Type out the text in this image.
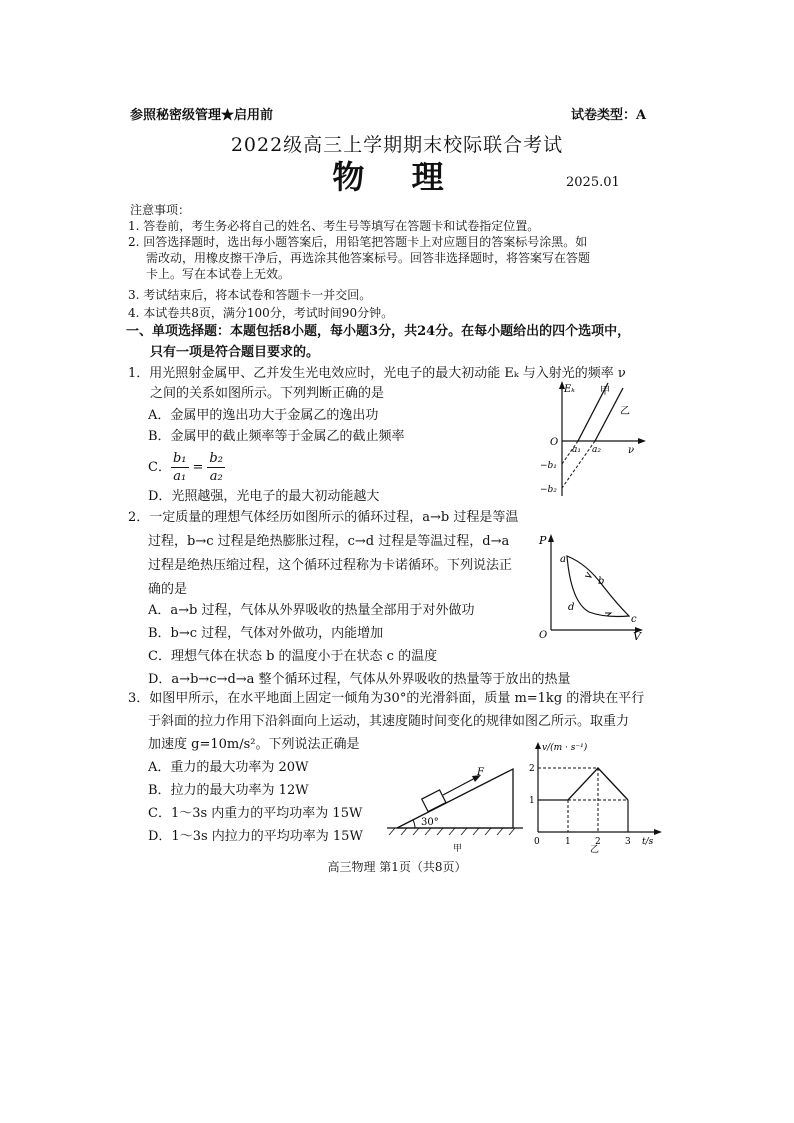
参照秘密级管理★启用前	试卷类型：A
2022级高三上学期期末校际联合考试
物 理	2025.01
注意事项：
1. 答卷前，考生务必将自己的姓名、考生号等填写在答题卡和试卷指定位置。
2. 回答选择题时，选出每小题答案后，用铅笔把答题卡上对应题目的答案标号涂黑。如
需改动，用橡皮擦干净后，再选涂其他答案标号。回答非选择题时，将答案写在答题
卡上。写在本试卷上无效。
3. 考试结束后，将本试卷和答题卡一并交回。
4. 本试卷共8页，满分100分，考试时间90分钟。
一、单项选择题：本题包括8小题，每小题3分，共24分。在每小题给出的四个选项中，
只有一项是符合题目要求的。
1．用光照射金属甲、乙并发生光电效应时，光电子的最大初动能 Eₖ 与入射光的频率 ν
之间的关系如图所示。下列判断正确的是
A．金属甲的逸出功大于金属乙的逸出功
B．金属甲的截止频率等于金属乙的截止频率
C． $\frac{\text{b₁}}{\text{a₁}} = \frac{\text{b₂}}{\text{a₂}}$
D．光照越强，光电子的最大初动能越大
Eₖ	甲
乙
O
ν
a₁ a₂
−b₁
−b₂
2．一定质量的理想气体经历如图所示的循环过程，a→b 过程是等温
过程，b→c 过程是绝热膨胀过程，c→d 过程是等温过程，d→a
过程是绝热压缩过程，这个循环过程称为卡诺循环。下列说法正
确的是
A．a→b 过程，气体从外界吸收的热量全部用于对外做功
B．b→c 过程，气体对外做功，内能增加
C．理想气体在状态 b 的温度小于在状态 c 的温度
D．a→b→c→d→a 整个循环过程，气体从外界吸收的热量等于放出的热量
P
V
O
a
b
c
d
3．如图甲所示，在水平地面上固定一倾角为30°的光滑斜面，质量 m=1kg 的滑块在平行
于斜面的拉力作用下沿斜面向上运动，其速度随时间变化的规律如图乙所示。取重力
加速度 g=10m/s²。下列说法正确是
A．重力的最大功率为 20W
B．拉力的最大功率为 12W
C．1～3s 内重力的平均功率为 15W
D．1～3s 内拉力的平均功率为 15W
F
30°
甲
v/(m · s⁻¹)
t/s
0
乙
1	2	3
1
2
高三物理 第1页（共8页）
